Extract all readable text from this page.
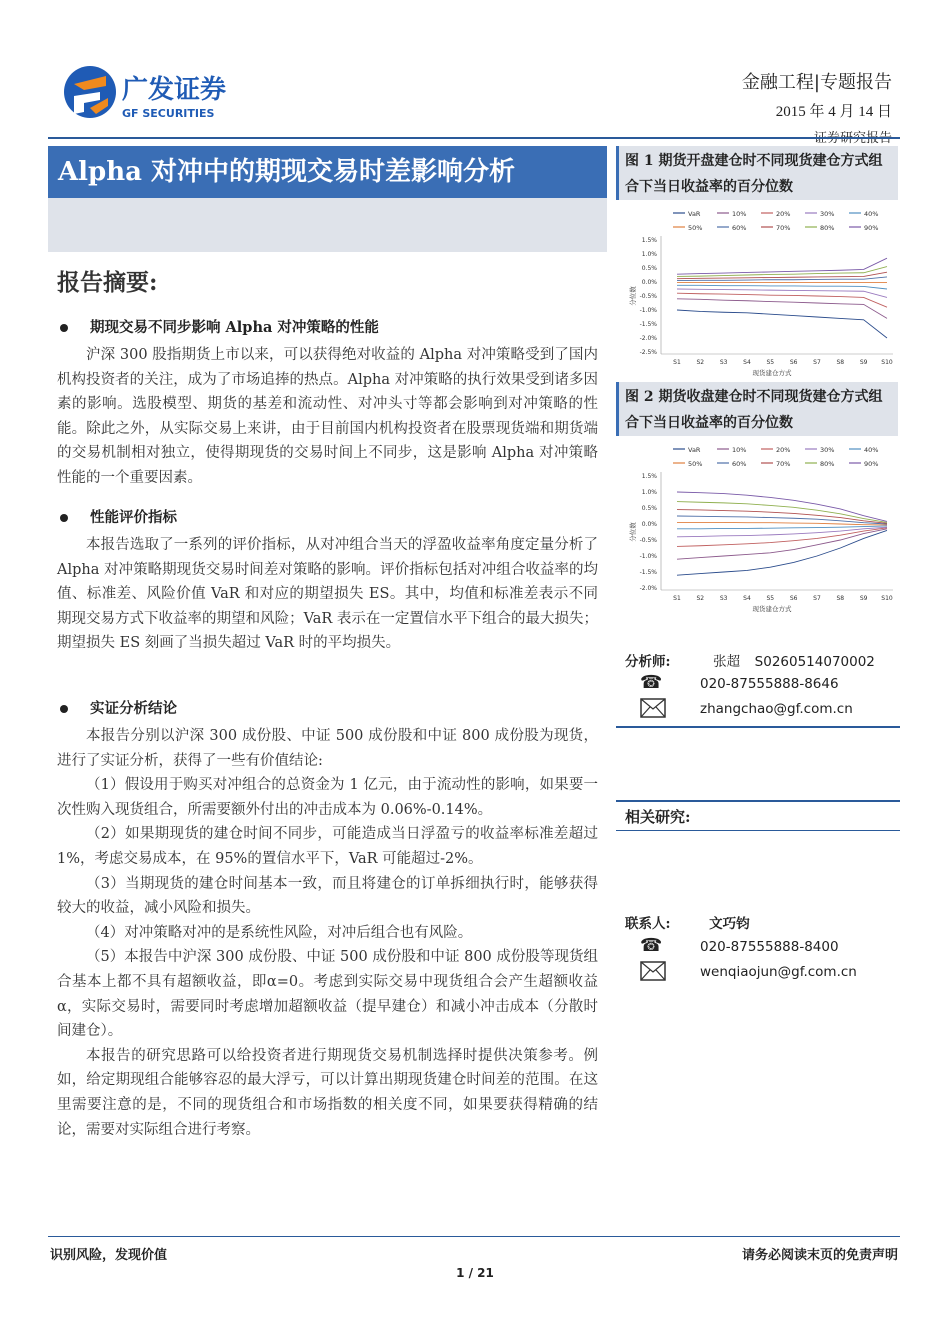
广发证券
GF SECURITIES
金融工程|专题报告
2015 年 4 月 14 日
Alpha 对冲中的期现交易时差影响分析
报告摘要:
期现交易不同步影响 Alpha 对冲策略的性能

沪深 300 股指期货上市以来，可以获得绝对收益的 Alpha 对冲策略受到了国内机构投资者的关注，成为了市场追捧的热点。Alpha 对冲策略的执行效果受到诸多因素的影响。选股模型、期货的基差和流动性、对冲头寸等都会影响到对冲策略的性能。除此之外，从实际交易上来讲，由于目前国内机构投资者在股票现货端和期货端的交易机制相对独立，使得期现货的交易时间上不同步，这是影响 Alpha 对冲策略性能的一个重要因素。

性能评价指标

本报告选取了一系列的评价指标，从对冲组合当天的浮盈收益率角度定量分析了 Alpha 对冲策略期现货交易时间差对策略的影响。评价指标包括对冲组合收益率的均值、标准差、风险价值 VaR 和对应的期望损失 ES。其中，均值和标准差表示不同期现交易方式下收益率的期望和风险；VaR 表示在一定置信水平下组合的最大损失；期望损失 ES 刻画了当损失超过 VaR 时的平均损失。

实证分析结论

本报告分别以沪深 300 成份股、中证 500 成份股和中证 800 成份股为现货，进行了实证分析，获得了一些有价值结论:

（1）假设用于购买对冲组合的总资金为 1 亿元，由于流动性的影响，如果要一次性购入现货组合，所需要额外付出的冲击成本为 0.06%-0.14%。

（2）如果期现货的建仓时间不同步，可能造成当日浮盈亏的收益率标准差超过 1%，考虑交易成本，在 95%的置信水平下，VaR 可能超过-2%。

（3）当期现货的建仓时间基本一致，而且将建仓的订单拆细执行时，能够获得较大的收益，减小风险和损失。

（4）对冲策略对冲的是系统性风险，对冲后组合也有风险。

（5）本报告中沪深 300 成份股、中证 500 成份股和中证 800 成份股等现货组合基本上都不具有超额收益，即α=0。考虑到实际交易中现货组合会产生超额收益α，实际交易时，需要同时考虑增加超额收益（提早建仓）和减小冲击成本（分散时间建仓）。

本报告的研究思路可以给投资者进行期现货交易机制选择时提供决策参考。例如，给定期现组合能够容忍的最大浮亏，可以计算出期现货建仓时间差的范围。在这里需要注意的是，不同的现货组合和市场指数的相关度不同，如果要获得精确的结论，需要对实际组合进行考察。

图 1 期货开盘建仓时不同现货建仓方式组合下当日收益率的百分位数
VaR	10%	20%	30%	40%
50%	60%	70%	80%	90%
1.5%
1.0%
0.5%
0.0%
-0.5%
-1.0%
-1.5%
-2.0%
-2.5%
分位数
S1	S2	S3	S4	S5	S6	S7	S8	S9 S10
现货建仓方式
图 2 期货收盘建仓时不同现货建仓方式组合下当日收益率的百分位数
VaR	10%	20%	30%	40%
50%	60%	70%	80%	90%
1.5%
1.0%
0.5%
0.0%
-0.5%
-1.0%
-1.5%
-2.0%
分位数
S1	S2	S3	S4	S5	S6	S7	S8	S9 S10
现货建仓方式
分析师:	张超 S0260514070002
☎	020-87555888-8646
zhangchao@gf.com.cn
相关研究:
联系人:	文巧钧
☎	020-87555888-8400
wenqiaojun@gf.com.cn
识别风险，发现价值	请务必阅读末页的免责声明
1 / 21
